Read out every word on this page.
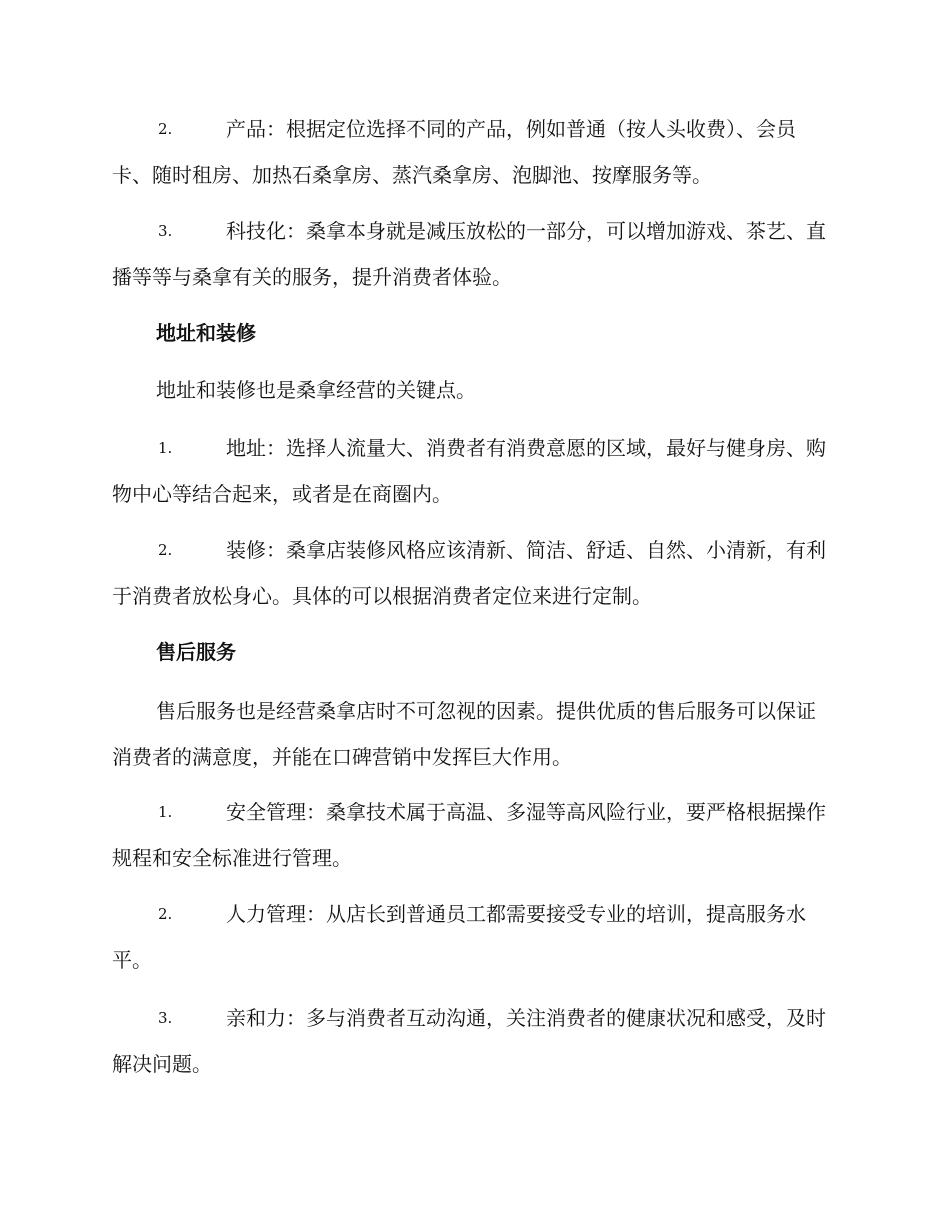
2.	产品：根据定位选择不同的产品，例如普通（按人头收费）、会员卡、随时租房、加热石桑拿房、蒸汽桑拿房、泡脚池、按摩服务等。
3.	科技化：桑拿本身就是减压放松的一部分，可以增加游戏、茶艺、直播等等与桑拿有关的服务，提升消费者体验。
地址和装修
地址和装修也是桑拿经营的关键点。
1.	地址：选择人流量大、消费者有消费意愿的区域，最好与健身房、购物中心等结合起来，或者是在商圈内。
2.	装修：桑拿店装修风格应该清新、简洁、舒适、自然、小清新，有利于消费者放松身心。具体的可以根据消费者定位来进行定制。
售后服务
售后服务也是经营桑拿店时不可忽视的因素。提供优质的售后服务可以保证消费者的满意度，并能在口碑营销中发挥巨大作用。
1.	安全管理：桑拿技术属于高温、多湿等高风险行业，要严格根据操作规程和安全标准进行管理。
2.	人力管理：从店长到普通员工都需要接受专业的培训，提高服务水平。
3.	亲和力：多与消费者互动沟通，关注消费者的健康状况和感受，及时解决问题。
